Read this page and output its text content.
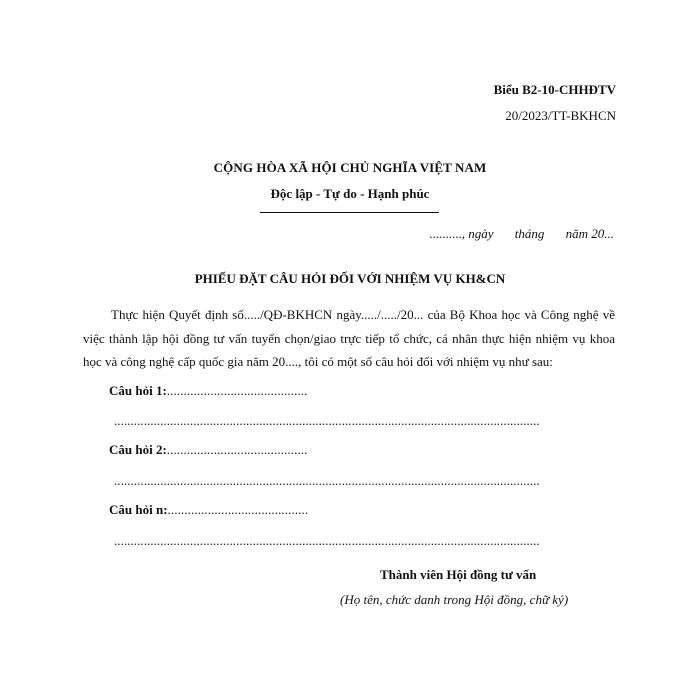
Biểu B2-10-CHHĐTV
20/2023/TT-BKHCN
CỘNG HÒA XÃ HỘI CHỦ NGHĨA VIỆT NAM
Độc lập - Tự do - Hạnh phúc
.........., ngày tháng năm 20...
PHIẾU ĐẶT CÂU HỎI ĐỐI VỚI NHIỆM VỤ KH&CN
Thực hiện Quyết định số...../QĐ-BKHCN ngày...../...../20... của Bộ Khoa học và Công nghệ về việc thành lập hội đồng tư vấn tuyển chọn/giao trực tiếp tổ chức, cá nhân thực hiện nhiệm vụ khoa học và công nghệ cấp quốc gia năm 20...., tôi có một số câu hỏi đối với nhiệm vụ như sau:
Câu hỏi 1:..........................................
.................................................................................................................................
Câu hỏi 2:..........................................
.................................................................................................................................
Câu hỏi n:..........................................
.................................................................................................................................
Thành viên Hội đồng tư vấn
(Họ tên, chức danh trong Hội đồng, chữ ký)
